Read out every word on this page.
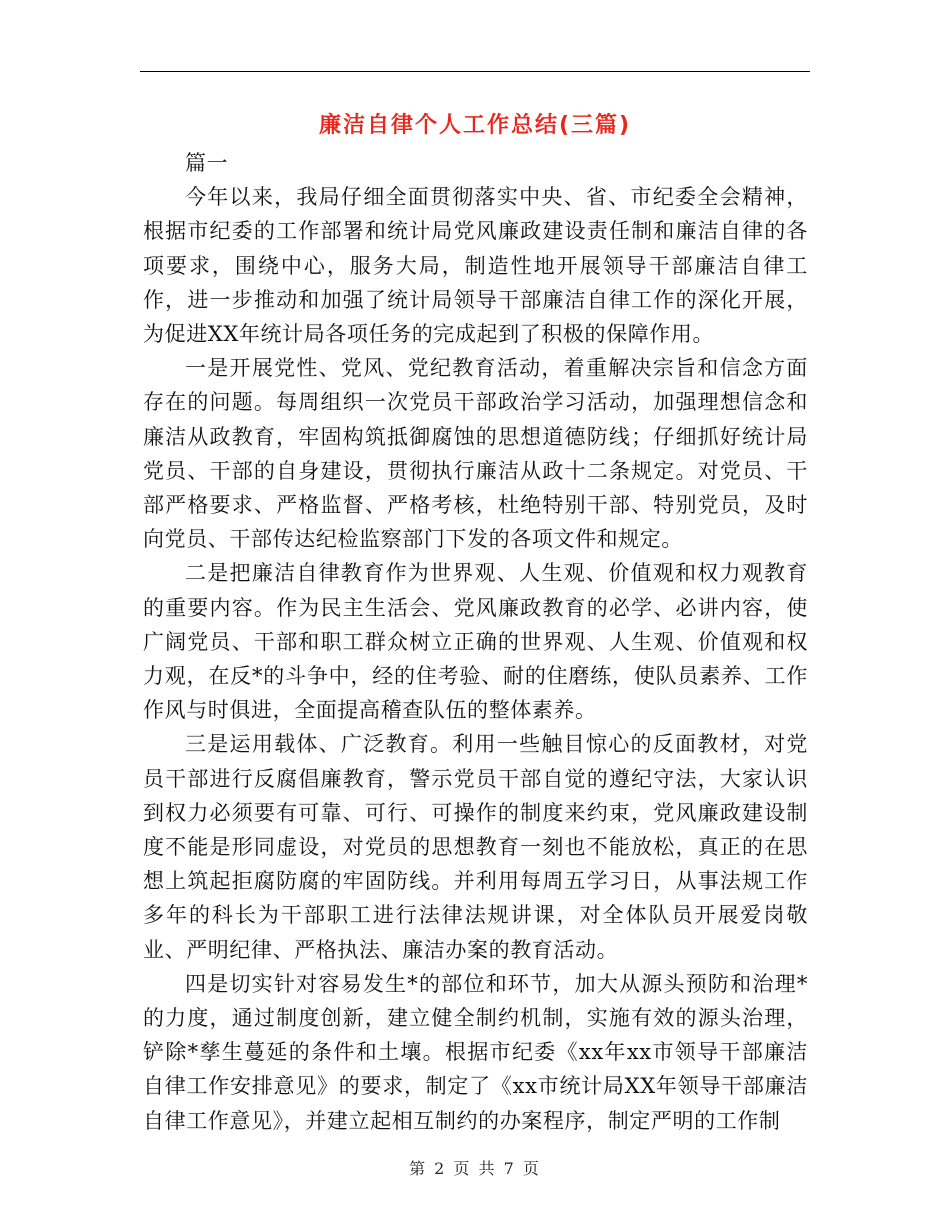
廉洁自律个人工作总结(三篇)

篇一

今年以来，我局仔细全面贯彻落实中央、省、市纪委全会精神，根据市纪委的工作部署和统计局党风廉政建设责任制和廉洁自律的各项要求，围绕中心，服务大局，制造性地开展领导干部廉洁自律工作，进一步推动和加强了统计局领导干部廉洁自律工作的深化开展，为促进XX年统计局各项任务的完成起到了积极的保障作用。

一是开展党性、党风、党纪教育活动，着重解决宗旨和信念方面存在的问题。每周组织一次党员干部政治学习活动，加强理想信念和廉洁从政教育，牢固构筑抵御腐蚀的思想道德防线；仔细抓好统计局党员、干部的自身建设，贯彻执行廉洁从政十二条规定。对党员、干部严格要求、严格监督、严格考核，杜绝特别干部、特别党员，及时向党员、干部传达纪检监察部门下发的各项文件和规定。

二是把廉洁自律教育作为世界观、人生观、价值观和权力观教育的重要内容。作为民主生活会、党风廉政教育的必学、必讲内容，使广阔党员、干部和职工群众树立正确的世界观、人生观、价值观和权力观，在反*的斗争中，经的住考验、耐的住磨练，使队员素养、工作作风与时俱进，全面提高稽查队伍的整体素养。

三是运用载体、广泛教育。利用一些触目惊心的反面教材，对党员干部进行反腐倡廉教育，警示党员干部自觉的遵纪守法，大家认识到权力必须要有可靠、可行、可操作的制度来约束，党风廉政建设制度不能是形同虚设，对党员的思想教育一刻也不能放松，真正的在思想上筑起拒腐防腐的牢固防线。并利用每周五学习日，从事法规工作多年的科长为干部职工进行法律法规讲课，对全体队员开展爱岗敬业、严明纪律、严格执法、廉洁办案的教育活动。

四是切实针对容易发生*的部位和环节，加大从源头预防和治理*的力度，通过制度创新，建立健全制约机制，实施有效的源头治理，铲除*孳生蔓延的条件和土壤。根据市纪委《xx年xx市领导干部廉洁自律工作安排意见》的要求，制定了《xx市统计局XX年领导干部廉洁自律工作意见》，并建立起相互制约的办案程序，制定严明的工作制

第 2 页 共 7 页
